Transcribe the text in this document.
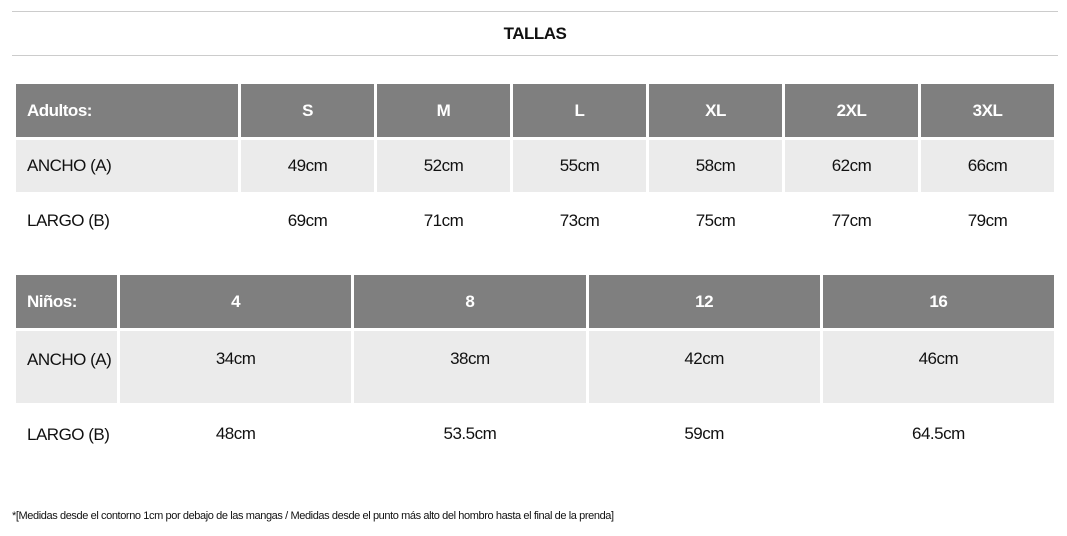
TALLAS
Adultos:	S	M	L	XL	2XL	3XL
ANCHO (A)	49cm	52cm	55cm	58cm	62cm	66cm
LARGO (B)	69cm	71cm	73cm	75cm	77cm	79cm
Niños:	4	8	12	16
ANCHO (A)	34cm	38cm	42cm	46cm
LARGO (B)	48cm	53.5cm	59cm	64.5cm
*[Medidas desde el contorno 1cm por debajo de las mangas / Medidas desde el punto más alto del hombro hasta el final de la prenda]
